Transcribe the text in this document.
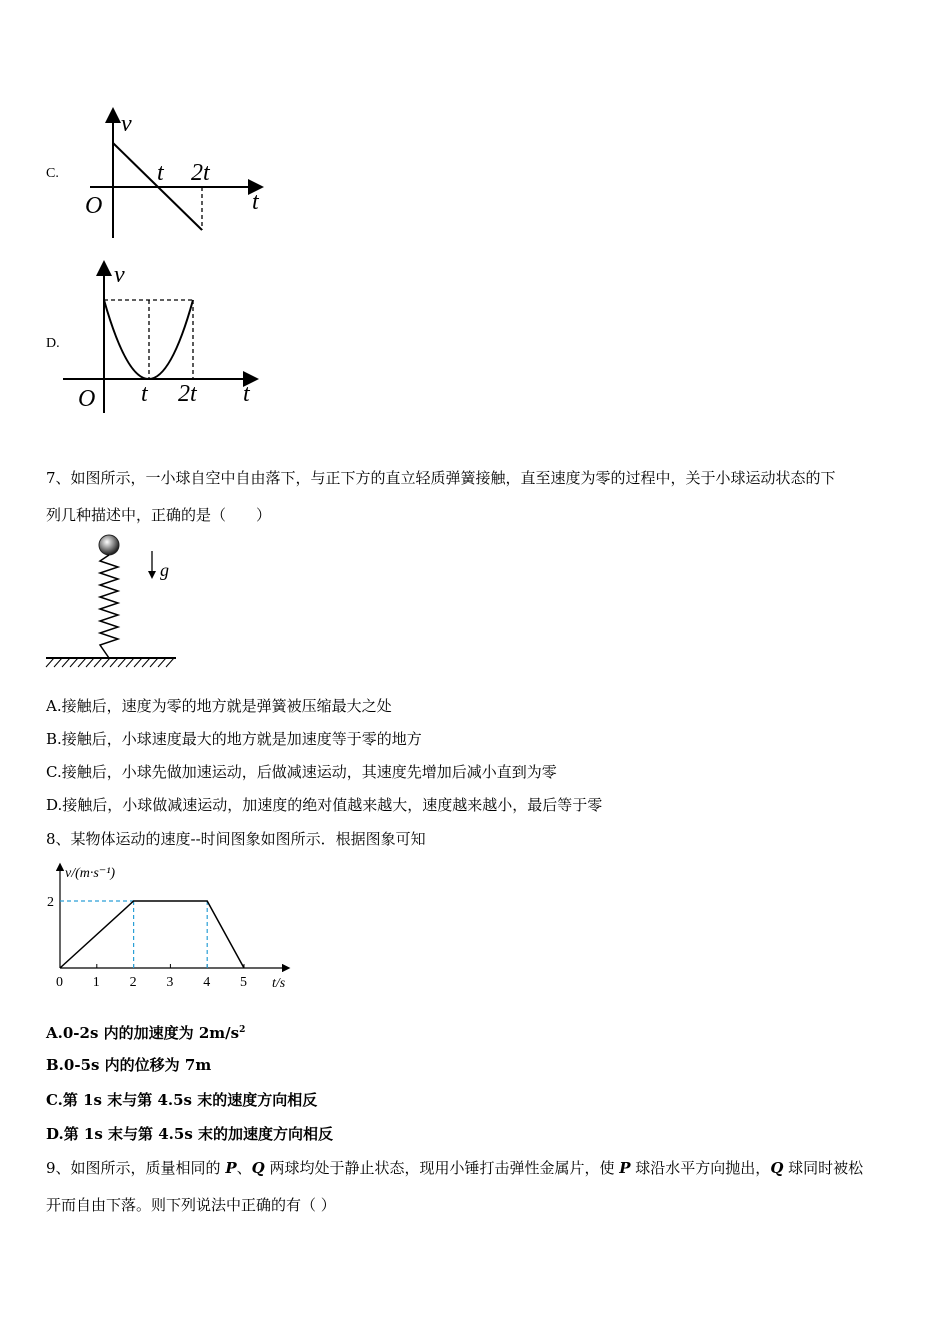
C.
v
t
t 2t
O
D.
v
t
t 2t
O
7、如图所示，一小球自空中自由落下，与正下方的直立轻质弹簧接触，直至速度为零的过程中，关于小球运动状态的下
列几种描述中，正确的是（　　）
g
A.接触后，速度为零的地方就是弹簧被压缩最大之处
B.接触后，小球速度最大的地方就是加速度等于零的地方
C.接触后，小球先做加速运动，后做减速运动，其速度先增加后减小直到为零
D.接触后，小球做减速运动，加速度的绝对值越来越大，速度越来越小，最后等于零
8、某物体运动的速度--时间图象如图所示．根据图象可知
v/(m·s⁻¹)
t/s
0 1 2 3 4 5
2
A.0-2s 内的加速度为 $2m/s^2$
B.0-5s 内的位移为 7m
C.第 1s 末与第 4.5s 末的速度方向相反
D.第 1s 末与第 4.5s 末的加速度方向相反
9、如图所示，质量相同的 P、Q 两球均处于静止状态，现用小锤打击弹性金属片，使 P 球沿水平方向抛出，Q 球同时被松
开而自由下落。则下列说法中正确的有（ ）
